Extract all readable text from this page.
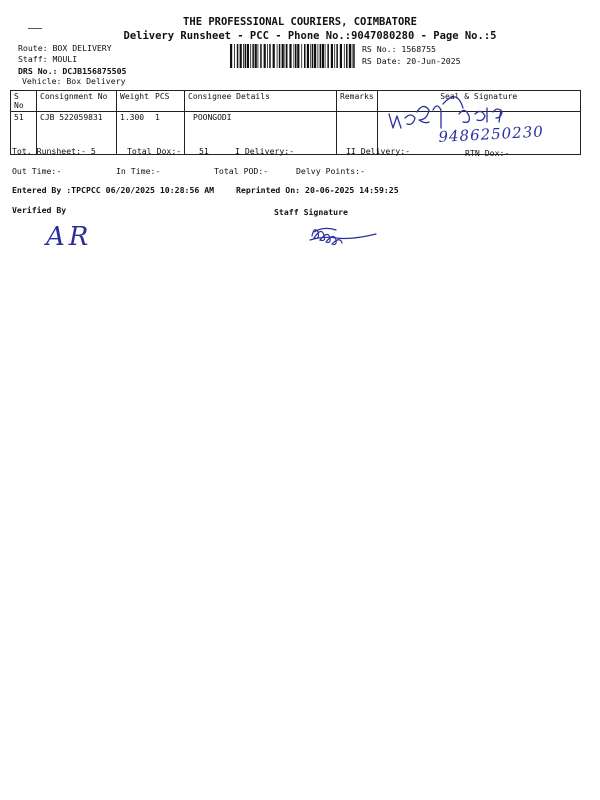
THE PROFESSIONAL COURIERS, COIMBATORE
Delivery Runsheet - PCC - Phone No.:9047080280 - Page No.:5
Route: BOX DELIVERY
Staff: MOULI
DRS No.: DCJB156875505
Vehicle: Box Delivery
RS No.: 1568755
RS Date: 20-Jun-2025
S No	Consignment No	Weight	PCS	Consignee Details	Remarks	Seal & Signature
51	CJB 522059831	1.300	1	POONGODI		
9486250230
Tot. Runsheet:- 5	Total Dox:- 51	I Delivery:-	II Delivery:-	RTN Dox:-
Out Time:-	In Time:-	Total POD:-	Delvy Points:-
Entered By :TPCPCC 06/20/2025 10:28:56 AM	Reprinted On: 20-06-2025 14:59:25
Verified By	Staff Signature
AR
